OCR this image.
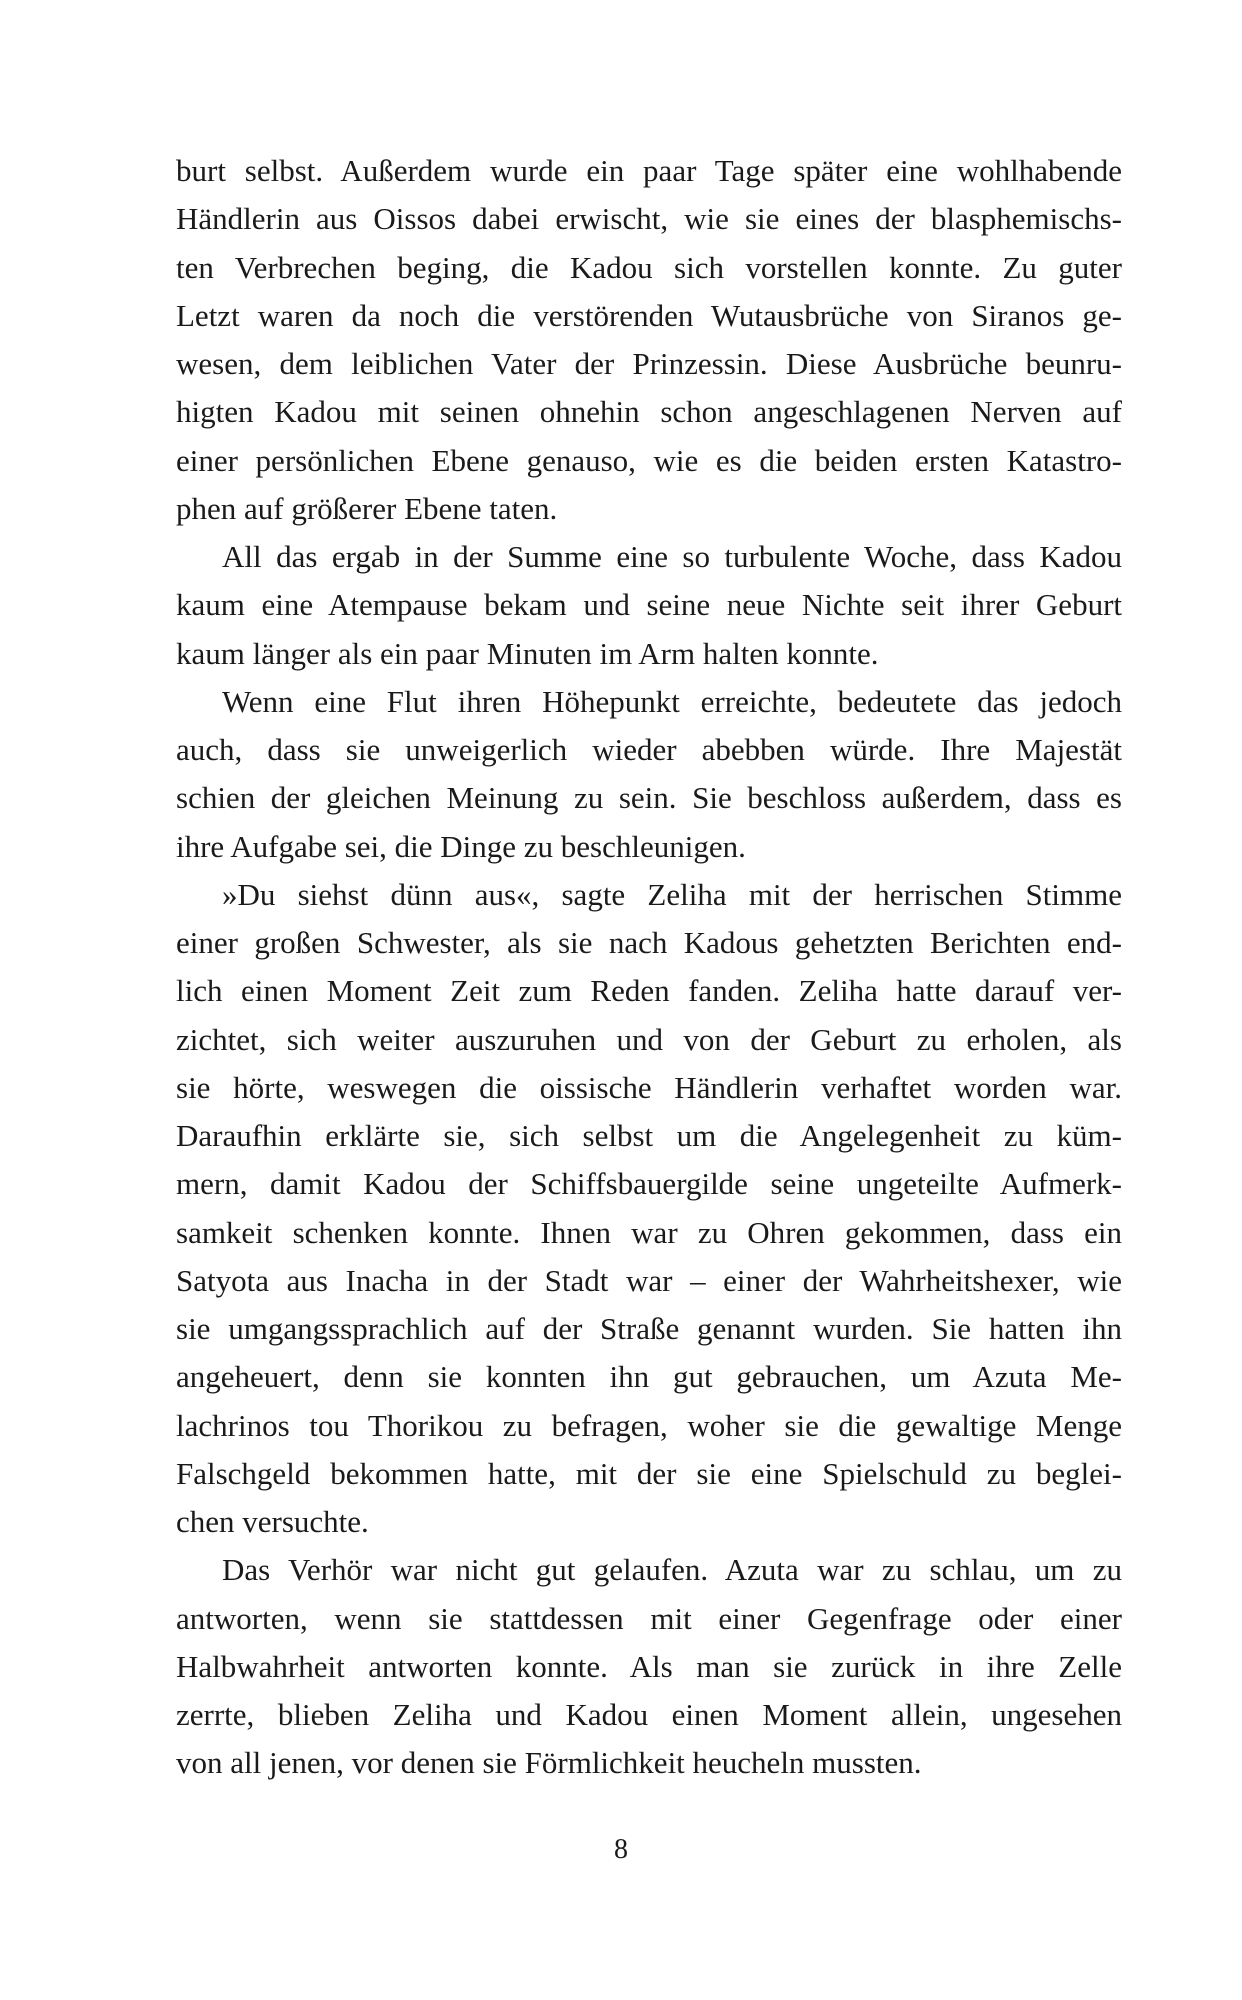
burt selbst. Außerdem wurde ein paar Tage später eine wohlhabende
Händlerin aus Oissos dabei erwischt, wie sie eines der blasphemischs-
ten Verbrechen beging, die Kadou sich vorstellen konnte. Zu guter
Letzt waren da noch die verstörenden Wutausbrüche von Siranos ge-
wesen, dem leiblichen Vater der Prinzessin. Diese Ausbrüche beunru-
higten Kadou mit seinen ohnehin schon angeschlagenen Nerven auf
einer persönlichen Ebene genauso, wie es die beiden ersten Katastro-
phen auf größerer Ebene taten.
All das ergab in der Summe eine so turbulente Woche, dass Kadou
kaum eine Atempause bekam und seine neue Nichte seit ihrer Geburt
kaum länger als ein paar Minuten im Arm halten konnte.
Wenn eine Flut ihren Höhepunkt erreichte, bedeutete das jedoch
auch, dass sie unweigerlich wieder abebben würde. Ihre Majestät
schien der gleichen Meinung zu sein. Sie beschloss außerdem, dass es
ihre Aufgabe sei, die Dinge zu beschleunigen.
»Du siehst dünn aus«, sagte Zeliha mit der herrischen Stimme
einer großen Schwester, als sie nach Kadous gehetzten Berichten end-
lich einen Moment Zeit zum Reden fanden. Zeliha hatte darauf ver-
zichtet, sich weiter auszuruhen und von der Geburt zu erholen, als
sie hörte, weswegen die oissische Händlerin verhaftet worden war.
Daraufhin erklärte sie, sich selbst um die Angelegenheit zu küm-
mern, damit Kadou der Schiffsbauergilde seine ungeteilte Aufmerk-
samkeit schenken konnte. Ihnen war zu Ohren gekommen, dass ein
Satyota aus Inacha in der Stadt war – einer der Wahrheitshexer, wie
sie umgangssprachlich auf der Straße genannt wurden. Sie hatten ihn
angeheuert, denn sie konnten ihn gut gebrauchen, um Azuta Me-
lachrinos tou Thorikou zu befragen, woher sie die gewaltige Menge
Falschgeld bekommen hatte, mit der sie eine Spielschuld zu beglei-
chen versuchte.
Das Verhör war nicht gut gelaufen. Azuta war zu schlau, um zu
antworten, wenn sie stattdessen mit einer Gegenfrage oder einer
Halbwahrheit antworten konnte. Als man sie zurück in ihre Zelle
zerrte, blieben Zeliha und Kadou einen Moment allein, ungesehen
von all jenen, vor denen sie Förmlichkeit heucheln mussten.
8
